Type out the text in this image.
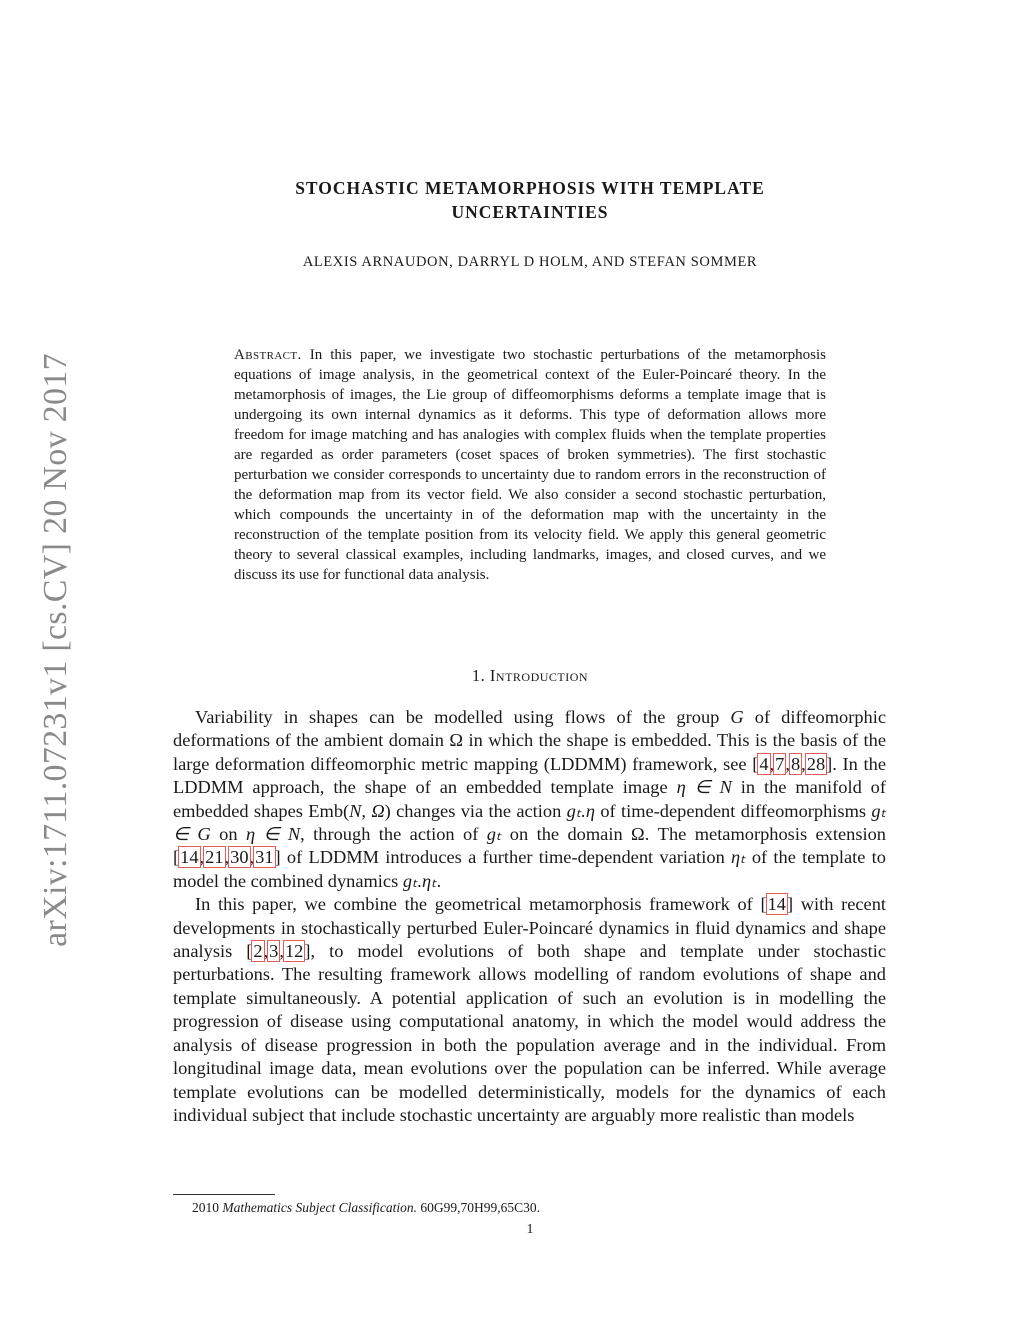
arXiv:1711.07231v1 [cs.CV] 20 Nov 2017
STOCHASTIC METAMORPHOSIS WITH TEMPLATE
UNCERTAINTIES
ALEXIS ARNAUDON, DARRYL D HOLM, AND STEFAN SOMMER
Abstract. In this paper, we investigate two stochastic perturbations of the metamorphosis equations of image analysis, in the geometrical context of the Euler-Poincaré theory. In the metamorphosis of images, the Lie group of diffeomorphisms deforms a template image that is undergoing its own internal dynamics as it deforms. This type of deformation allows more freedom for image matching and has analogies with complex fluids when the template properties are regarded as order parameters (coset spaces of broken symmetries). The first stochastic perturbation we consider corresponds to uncertainty due to random errors in the reconstruction of the deformation map from its vector field. We also consider a second stochastic perturbation, which compounds the uncertainty in of the deformation map with the uncertainty in the reconstruction of the template position from its velocity field. We apply this general geometric theory to several classical examples, including landmarks, images, and closed curves, and we discuss its use for functional data analysis.
1. Introduction

Variability in shapes can be modelled using flows of the group G of diffeomorphic deformations of the ambient domain Ω in which the shape is embedded. This is the basis of the large deformation diffeomorphic metric mapping (LDDMM) framework, see [4,7,8,28]. In the LDDMM approach, the shape of an embedded template image η ∈ N in the manifold of embedded shapes Emb(N, Ω) changes via the action gₜ.η of time-dependent diffeomorphisms gₜ ∈ G on η ∈ N, through the action of gₜ on the domain Ω. The metamorphosis extension [14,21,30,31] of LDDMM introduces a further time-dependent variation ηₜ of the template to model the combined dynamics gₜ.ηₜ.

In this paper, we combine the geometrical metamorphosis framework of [14] with recent developments in stochastically perturbed Euler-Poincaré dynamics in fluid dynamics and shape analysis [2,3,12], to model evolutions of both shape and template under stochastic perturbations. The resulting framework allows modelling of random evolutions of shape and template simultaneously. A potential application of such an evolution is in modelling the progression of disease using computational anatomy, in which the model would address the analysis of disease progression in both the population average and in the individual. From longitudinal image data, mean evolutions over the population can be inferred. While average template evolutions can be modelled deterministically, models for the dynamics of each individual subject that include stochastic uncertainty are arguably more realistic than models

2010 Mathematics Subject Classification. 60G99,70H99,65C30.
1
